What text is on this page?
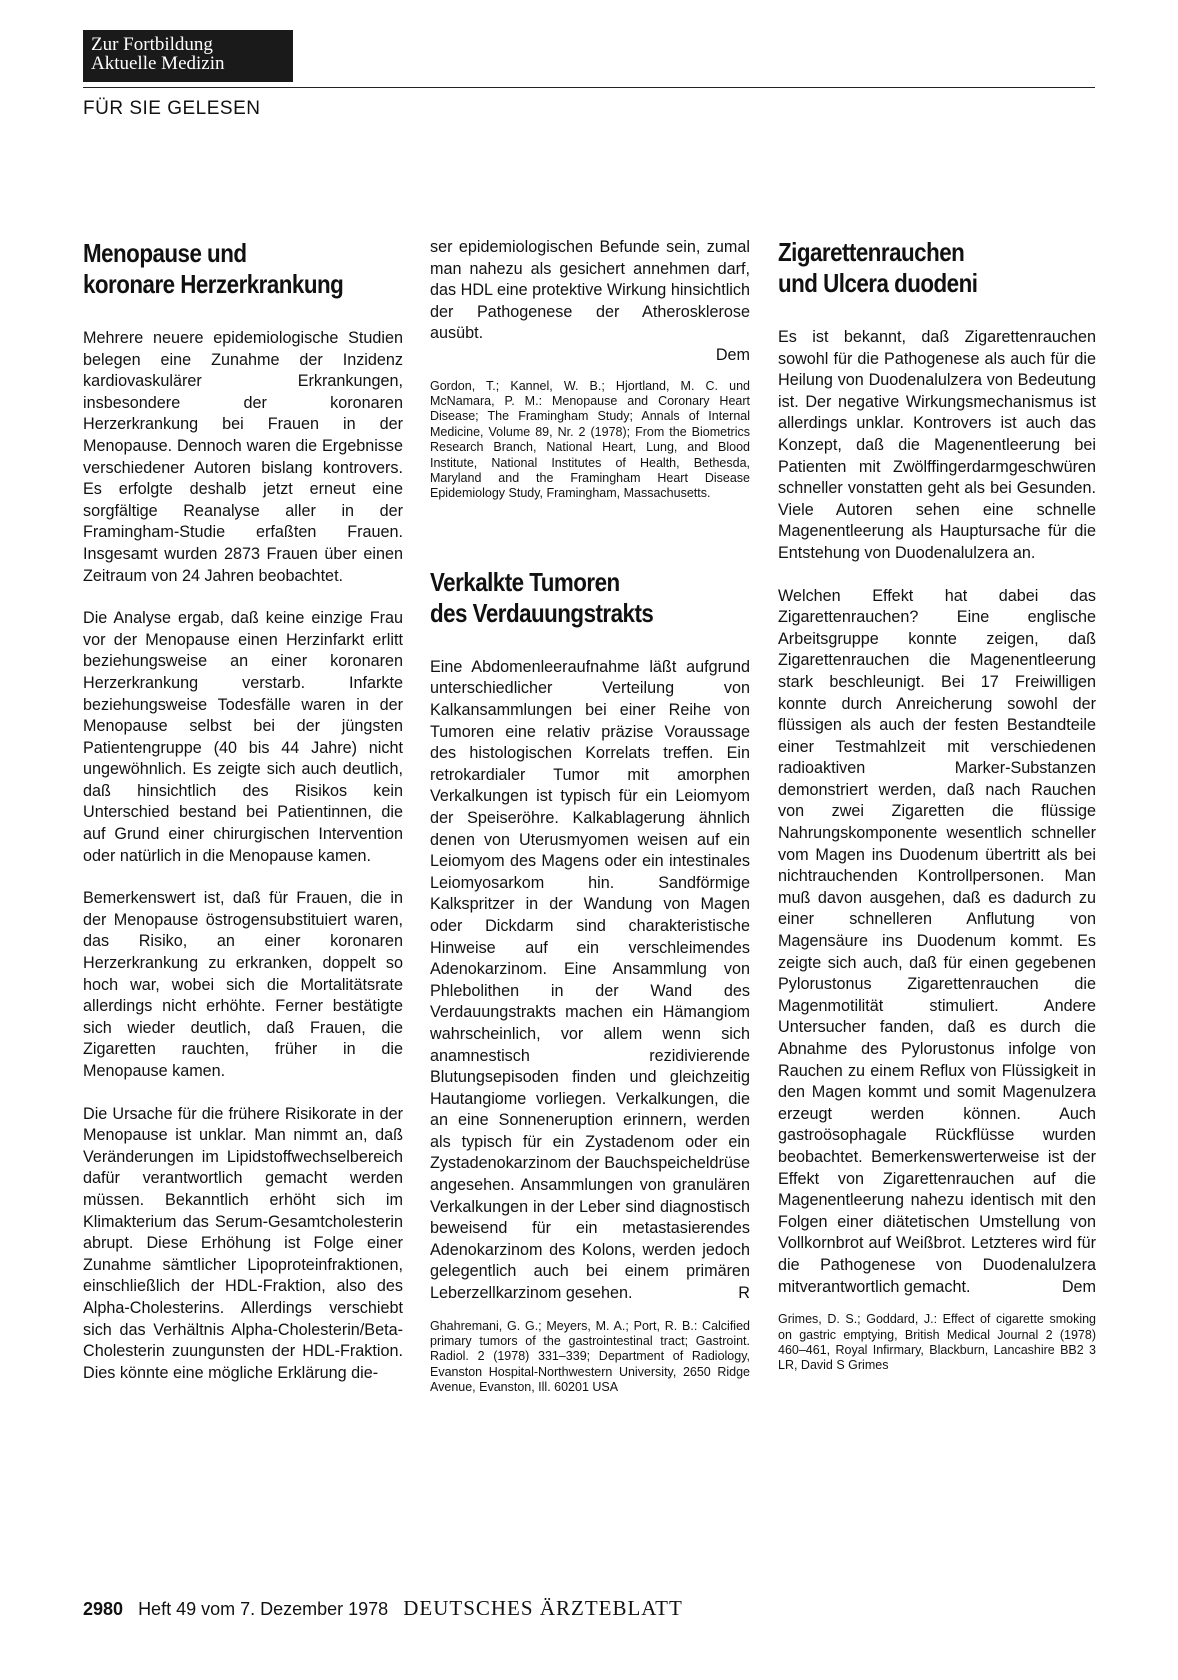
Zur Fortbildung
Aktuelle Medizin
FÜR SIE GELESEN
Menopause und
koronare Herzerkrankung

Mehrere neuere epidemiologische Studien belegen eine Zunahme der Inzidenz kardiovaskulärer Erkrankungen, insbesondere der koronaren Herzerkrankung bei Frauen in der Menopause. Dennoch waren die Ergebnisse verschiedener Autoren bislang kontrovers. Es erfolgte deshalb jetzt erneut eine sorgfältige Reanalyse aller in der Framingham-Studie erfaßten Frauen. Insgesamt wurden 2873 Frauen über einen Zeitraum von 24 Jahren beobachtet.

Die Analyse ergab, daß keine einzige Frau vor der Menopause einen Herzinfarkt erlitt beziehungsweise an einer koronaren Herzerkrankung verstarb. Infarkte beziehungsweise Todesfälle waren in der Menopause selbst bei der jüngsten Patientengruppe (40 bis 44 Jahre) nicht ungewöhnlich. Es zeigte sich auch deutlich, daß hinsichtlich des Risikos kein Unterschied bestand bei Patientinnen, die auf Grund einer chirurgischen Intervention oder natürlich in die Menopause kamen.

Bemerkenswert ist, daß für Frauen, die in der Menopause östrogensubstituiert waren, das Risiko, an einer koronaren Herzerkrankung zu erkranken, doppelt so hoch war, wobei sich die Mortalitätsrate allerdings nicht erhöhte. Ferner bestätigte sich wieder deutlich, daß Frauen, die Zigaretten rauchten, früher in die Menopause kamen.

Die Ursache für die frühere Risikorate in der Menopause ist unklar. Man nimmt an, daß Veränderungen im Lipidstoffwechselbereich dafür verantwortlich gemacht werden müssen. Bekanntlich erhöht sich im Klimakterium das Serum-Gesamtcholesterin abrupt. Diese Erhöhung ist Folge einer Zunahme sämtlicher Lipoproteinfraktionen, einschließlich der HDL-Fraktion, also des Alpha-Cholesterins. Allerdings verschiebt sich das Verhältnis Alpha-Cholesterin/Beta-Cholesterin zuungunsten der HDL-Fraktion. Dies könnte eine mögliche Erklärung die-

ser epidemiologischen Befunde sein, zumal man nahezu als gesichert annehmen darf, das HDL eine protektive Wirkung hinsichtlich der Pathogenese der Atherosklerose ausübt.

Dem

Gordon, T.; Kannel, W. B.; Hjortland, M. C. und McNamara, P. M.: Menopause and Coronary Heart Disease; The Framingham Study; Annals of Internal Medicine, Volume 89, Nr. 2 (1978); From the Biometrics Research Branch, National Heart, Lung, and Blood Institute, National Institutes of Health, Bethesda, Maryland and the Framingham Heart Disease Epidemiology Study, Framingham, Massachusetts.

Verkalkte Tumoren
des Verdauungstrakts

Eine Abdomenleeraufnahme läßt aufgrund unterschiedlicher Verteilung von Kalkansammlungen bei einer Reihe von Tumoren eine relativ präzise Voraussage des histologischen Korrelats treffen. Ein retrokardialer Tumor mit amorphen Verkalkungen ist typisch für ein Leiomyom der Speiseröhre. Kalkablagerung ähnlich denen von Uterusmyomen weisen auf ein Leiomyom des Magens oder ein intestinales Leiomyosarkom hin. Sandförmige Kalkspritzer in der Wandung von Magen oder Dickdarm sind charakteristische Hinweise auf ein verschleimendes Adenokarzinom. Eine Ansammlung von Phlebolithen in der Wand des Verdauungstrakts machen ein Hämangiom wahrscheinlich, vor allem wenn sich anamnestisch rezidivierende Blutungsepisoden finden und gleichzeitig Hautangiome vorliegen. Verkalkungen, die an eine Sonneneruption erinnern, werden als typisch für ein Zystadenom oder ein Zystadenokarzinom der Bauchspeicheldrüse angesehen. Ansammlungen von granulären Verkalkungen in der Leber sind diagnostisch beweisend für ein metastasierendes Adenokarzinom des Kolons, werden jedoch gelegentlich auch bei einem primären Leberzellkarzinom gesehen.	R

Ghahremani, G. G.; Meyers, M. A.; Port, R. B.: Calcified primary tumors of the gastrointestinal tract; Gastroint. Radiol. 2 (1978) 331–339; Department of Radiology, Evanston Hospital-Northwestern University, 2650 Ridge Avenue, Evanston, Ill. 60201 USA

Zigarettenrauchen
und Ulcera duodeni

Es ist bekannt, daß Zigarettenrauchen sowohl für die Pathogenese als auch für die Heilung von Duodenalulzera von Bedeutung ist. Der negative Wirkungsmechanismus ist allerdings unklar. Kontrovers ist auch das Konzept, daß die Magenentleerung bei Patienten mit Zwölffingerdarmgeschwüren schneller vonstatten geht als bei Gesunden. Viele Autoren sehen eine schnelle Magenentleerung als Hauptursache für die Entstehung von Duodenalulzera an.

Welchen Effekt hat dabei das Zigarettenrauchen? Eine englische Arbeitsgruppe konnte zeigen, daß Zigarettenrauchen die Magenentleerung stark beschleunigt. Bei 17 Freiwilligen konnte durch Anreicherung sowohl der flüssigen als auch der festen Bestandteile einer Testmahlzeit mit verschiedenen radioaktiven Marker-Substanzen demonstriert werden, daß nach Rauchen von zwei Zigaretten die flüssige Nahrungskomponente wesentlich schneller vom Magen ins Duodenum übertritt als bei nichtrauchenden Kontrollpersonen. Man muß davon ausgehen, daß es dadurch zu einer schnelleren Anflutung von Magensäure ins Duodenum kommt. Es zeigte sich auch, daß für einen gegebenen Pylorustonus Zigarettenrauchen die Magenmotilität stimuliert. Andere Untersucher fanden, daß es durch die Abnahme des Pylorustonus infolge von Rauchen zu einem Reflux von Flüssigkeit in den Magen kommt und somit Magenulzera erzeugt werden können. Auch gastroösophagale Rückflüsse wurden beobachtet. Bemerkenswerterweise ist der Effekt von Zigarettenrauchen auf die Magenentleerung nahezu identisch mit den Folgen einer diätetischen Umstellung von Vollkornbrot auf Weißbrot. Letzteres wird für die Pathogenese von Duodenalulzera mitverantwortlich gemacht.	Dem

Grimes, D. S.; Goddard, J.: Effect of cigarette smoking on gastric emptying, British Medical Journal 2 (1978) 460–461, Royal Infirmary, Blackburn, Lancashire BB2 3 LR, David S Grimes

2980 Heft 49 vom 7. Dezember 1978 DEUTSCHES ÄRZTEBLATT
